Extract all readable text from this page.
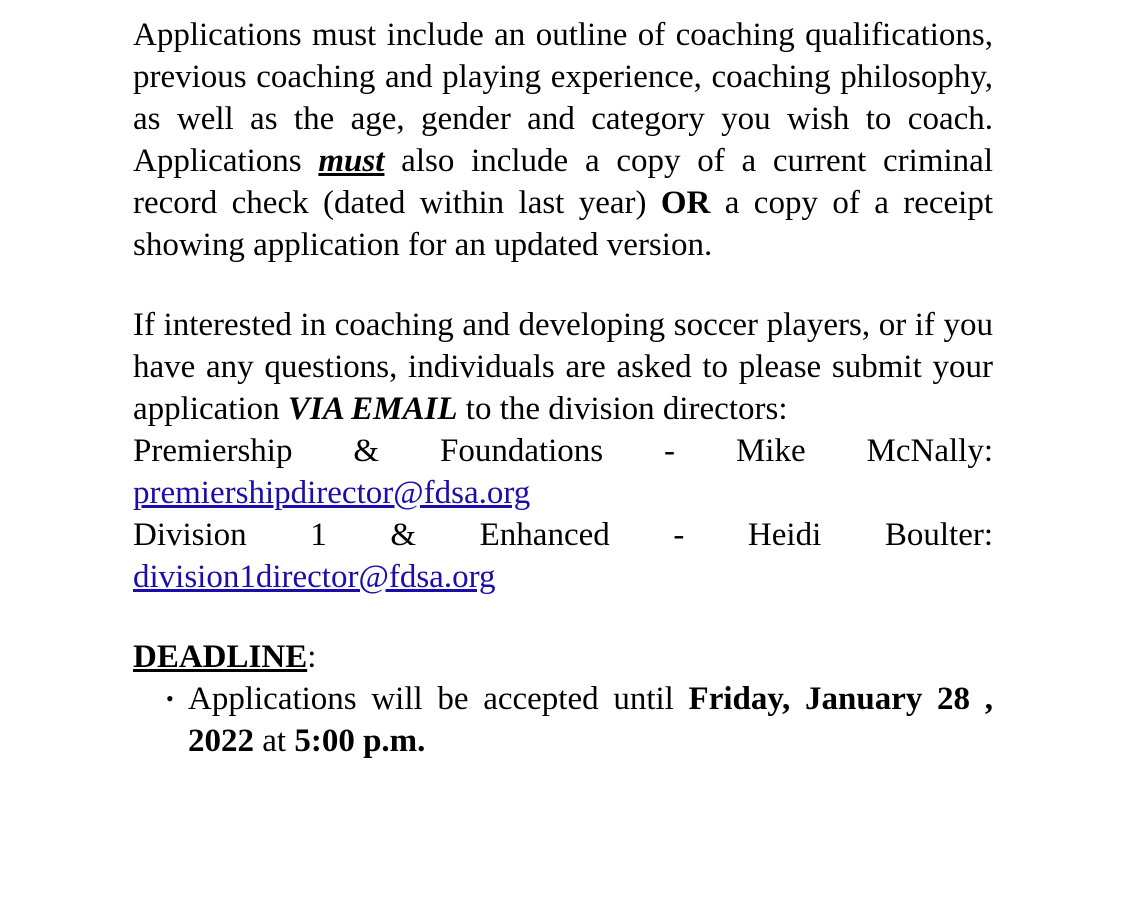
Applications must include an outline of coaching qualifications, previous coaching and playing experience, coaching philosophy, as well as the age, gender and category you wish to coach. Applications must also include a copy of a current criminal record check (dated within last year) OR a copy of a receipt showing application for an updated version.

If interested in coaching and developing soccer players, or if you have any questions, individuals are asked to please submit your application VIA EMAIL to the division directors:

Premiership & Foundations - Mike McNally:
premiershipdirector@fdsa.org
Division 1 & Enhanced - Heidi Boulter:
division1director@fdsa.org

DEADLINE:

• Applications will be accepted until Friday, January 28 , 2022 at 5:00 p.m.
